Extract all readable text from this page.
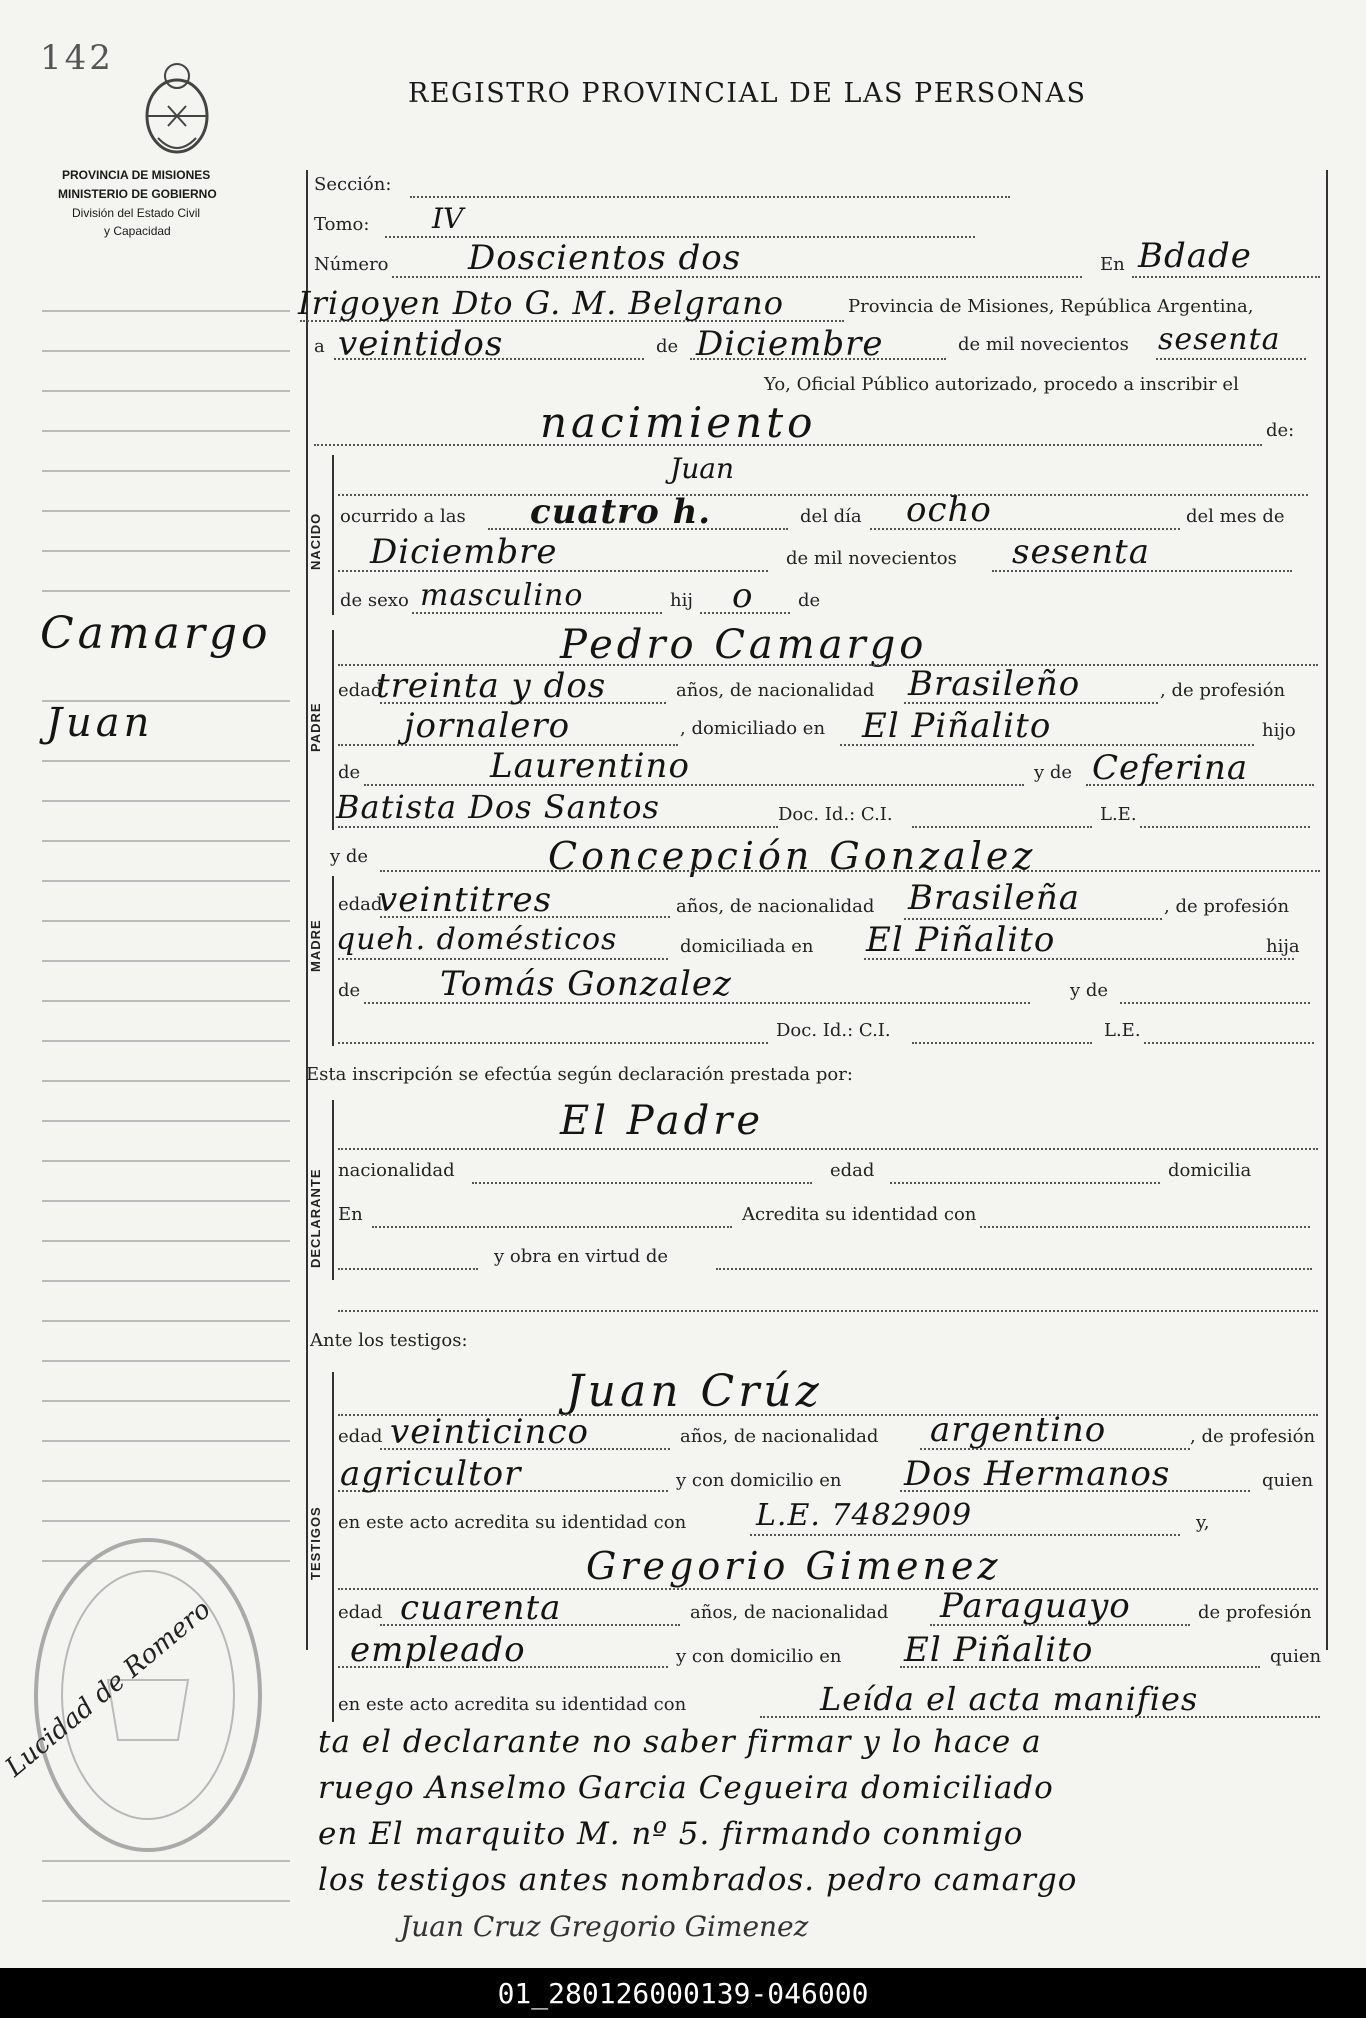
142
REGISTRO PROVINCIAL DE LAS PERSONAS
PROVINCIA DE MISIONES
MINISTERIO DE GOBIERNO
División del Estado Civil
y Capacidad
Camargo
Juan
Sección:
Tomo: IV
Número Doscientos dos	En Bdade
Irigoyen Dto G. M. Belgrano	Provincia de Misiones, República Argentina,
a veintidos	de Diciembre	de mil novecientos sesenta
Yo, Oficial Público autorizado, procedo a inscribir el
nacimiento	de:
NACIDO
Juan
ocurrido a las cuatro h.	del día ocho	del mes de
Diciembre	de mil novecientos sesenta
de sexo masculino	hij o de
PADRE
Pedro Camargo
edad
treinta y dos	años, de nacionalidad Brasileño	, de profesión
jornalero	, domiciliado en El Piñalito	hijo
de	Laurentino	y de Ceferina
Batista Dos Santos	Doc. Id.: C.I.	L.E.
y de
MADRE
Concepción Gonzalez
edad
veintitres	años, de nacionalidad Brasileña	, de profesión
queh. domésticos	domiciliada en El Piñalito	hija
de Tomás Gonzalez	y de
Doc. Id.: C.I.	L.E.
Esta inscripción se efectúa según declaración prestada por:
DECLARANTE
El Padre
nacionalidad	edad	domicilia
En	Acredita su identidad con
y obra en virtud de
Ante los testigos:
TESTIGOS
Juan Crúz
edad veinticinco	años, de nacionalidad argentino	, de profesión
agricultor	y con domicilio en Dos Hermanos	quien
en este acto acredita su identidad con L.E. 7482909	y,
Gregorio Gimenez
edad cuarenta	años, de nacionalidad Paraguayo	de profesión
empleado	y con domicilio en El Piñalito	quien
en este acto acredita su identidad con	Leída el acta manifies
ta el declarante no saber firmar y lo hace a
ruego Anselmo Garcia Cegueira domiciliado
en El marquito M. nº 5. firmando conmigo
los testigos antes nombrados. pedro camargo
Juan Cruz Gregorio Gimenez
Lucidad de Romero
01_280126000139-046000
